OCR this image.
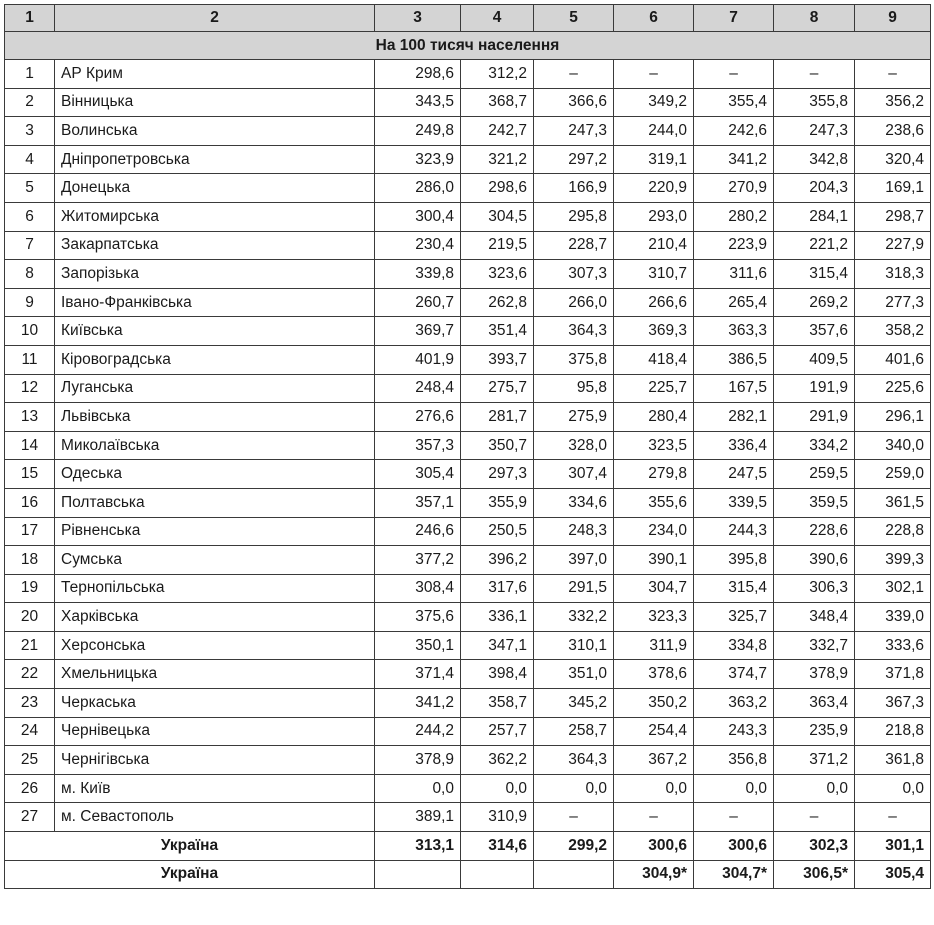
1	2	3	4	5	6	7	8	9
На 100 тисяч населення								
1	АР Крим	298,6	312,2	–	–	–	–	–
2	Вінницька	343,5	368,7	366,6	349,2	355,4	355,8	356,2
3	Волинська	249,8	242,7	247,3	244,0	242,6	247,3	238,6
4	Дніпропетровська	323,9	321,2	297,2	319,1	341,2	342,8	320,4
5	Донецька	286,0	298,6	166,9	220,9	270,9	204,3	169,1
6	Житомирська	300,4	304,5	295,8	293,0	280,2	284,1	298,7
7	Закарпатська	230,4	219,5	228,7	210,4	223,9	221,2	227,9
8	Запорізька	339,8	323,6	307,3	310,7	311,6	315,4	318,3
9	Івано-Франківська	260,7	262,8	266,0	266,6	265,4	269,2	277,3
10	Київська	369,7	351,4	364,3	369,3	363,3	357,6	358,2
11	Кіровоградська	401,9	393,7	375,8	418,4	386,5	409,5	401,6
12	Луганська	248,4	275,7	95,8	225,7	167,5	191,9	225,6
13	Львівська	276,6	281,7	275,9	280,4	282,1	291,9	296,1
14	Миколаївська	357,3	350,7	328,0	323,5	336,4	334,2	340,0
15	Одеська	305,4	297,3	307,4	279,8	247,5	259,5	259,0
16	Полтавська	357,1	355,9	334,6	355,6	339,5	359,5	361,5
17	Рівненська	246,6	250,5	248,3	234,0	244,3	228,6	228,8
18	Сумська	377,2	396,2	397,0	390,1	395,8	390,6	399,3
19	Тернопільська	308,4	317,6	291,5	304,7	315,4	306,3	302,1
20	Харківська	375,6	336,1	332,2	323,3	325,7	348,4	339,0
21	Херсонська	350,1	347,1	310,1	311,9	334,8	332,7	333,6
22	Хмельницька	371,4	398,4	351,0	378,6	374,7	378,9	371,8
23	Черкаська	341,2	358,7	345,2	350,2	363,2	363,4	367,3
24	Чернівецька	244,2	257,7	258,7	254,4	243,3	235,9	218,8
25	Чернігівська	378,9	362,2	364,3	367,2	356,8	371,2	361,8
26	м. Київ	0,0	0,0	0,0	0,0	0,0	0,0	0,0
27	м. Севастополь	389,1	310,9	–	–	–	–	–
Україна		313,1	314,6	299,2	300,6	300,6	302,3	301,1
Україна					304,9*	304,7*	306,5*	305,4
